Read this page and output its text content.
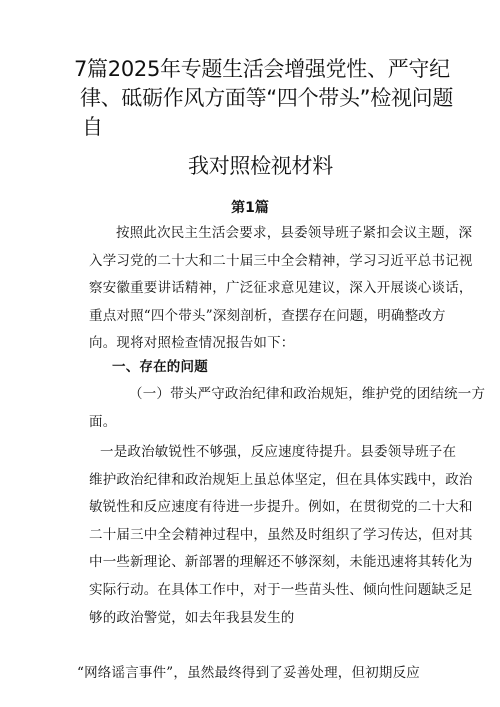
7篇2025年专题生活会增强党性、严守纪
律、砥砺作风方面等“四个带头”检视问题
自
我对照检视材料
第1篇
按照此次民主生活会要求，县委领导班子紧扣会议主题，深
入学习党的二十大和二十届三中全会精神，学习习近平总书记视
察安徽重要讲话精神，广泛征求意见建议，深入开展谈心谈话，
重点对照“四个带头”深刻剖析，查摆存在问题，明确整改方
向。现将对照检查情况报告如下：
一、存在的问题
（一）带头严守政治纪律和政治规矩，维护党的团结统一方
面。
一是政治敏锐性不够强，反应速度待提升。县委领导班子在
维护政治纪律和政治规矩上虽总体坚定，但在具体实践中，政治
敏锐性和反应速度有待进一步提升。例如，在贯彻党的二十大和
二十届三中全会精神过程中，虽然及时组织了学习传达，但对其
中一些新理论、新部署的理解还不够深刻，未能迅速将其转化为
实际行动。在具体工作中，对于一些苗头性、倾向性问题缺乏足
够的政治警觉，如去年我县发生的
“网络谣言事件”，虽然最终得到了妥善处理，但初期反应
